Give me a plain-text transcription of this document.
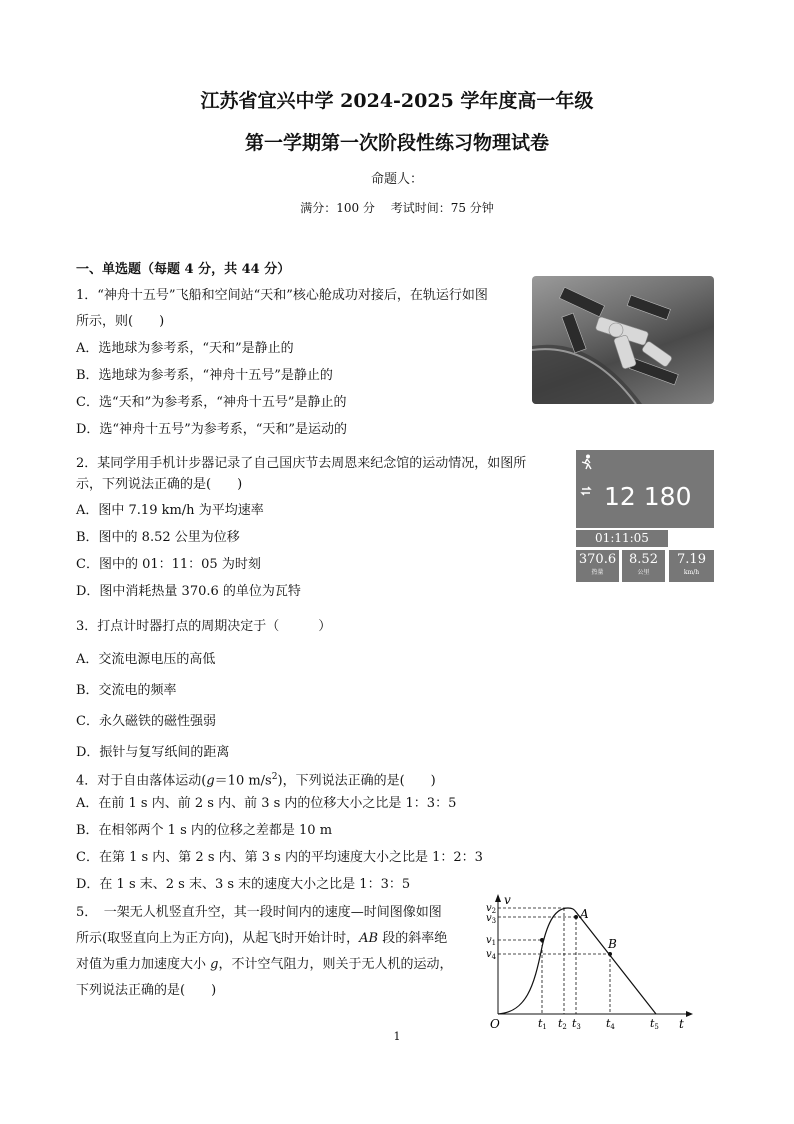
江苏省宜兴中学 2024-2025 学年度高一年级
第一学期第一次阶段性练习物理试卷
命题人：
满分：100 分　 考试时间：75 分钟
一、单选题（每题 4 分，共 44 分）
1．“神舟十五号”飞船和空间站“天和”核心舱成功对接后，在轨运行如图
所示，则(　　)
A．选地球为参考系，“天和”是静止的
B．选地球为参考系，“神舟十五号”是静止的
C．选“天和”为参考系，“神舟十五号”是静止的
D．选“神舟十五号”为参考系，“天和”是运动的
2．某同学用手机计步器记录了自己国庆节去周恩来纪念馆的运动情况，如图所
示，下列说法正确的是(　　)
A．图中 7.19 km/h 为平均速率
B．图中的 8.52 公里为位移
C．图中的 01：11：05 为时刻
D．图中消耗热量 370.6 的单位为瓦特
12 180
01:11:05
370.6
热量
8.52
公里
7.19
km/h
3．打点计时器打点的周期决定于（　　　）
A．交流电源电压的高低
B．交流电的频率
C．永久磁铁的磁性强弱
D．振针与复写纸间的距离
4．对于自由落体运动(g＝10 $m/s^2$)，下列说法正确的是(　　)
A．在前 1 s 内、前 2 s 内、前 3 s 内的位移大小之比是 1：3：5
B．在相邻两个 1 s 内的位移之差都是 10 m
C．在第 1 s 内、第 2 s 内、第 3 s 内的平均速度大小之比是 1：2：3
D．在 1 s 末、2 s 末、3 s 末的速度大小之比是 1：3：5
5．　一架无人机竖直升空，其一段时间内的速度—时间图像如图
所示(取竖直向上为正方向)，从起飞时开始计时，AB 段的斜率绝
对值为重力加速度大小 g，不计空气阻力，则关于无人机的运动，
下列说法正确的是(　　)
v
t
O
A
B
$v_2$
$v_3$
$v_1$
$v_4$
t1 t2 t3 t4	t5
1
